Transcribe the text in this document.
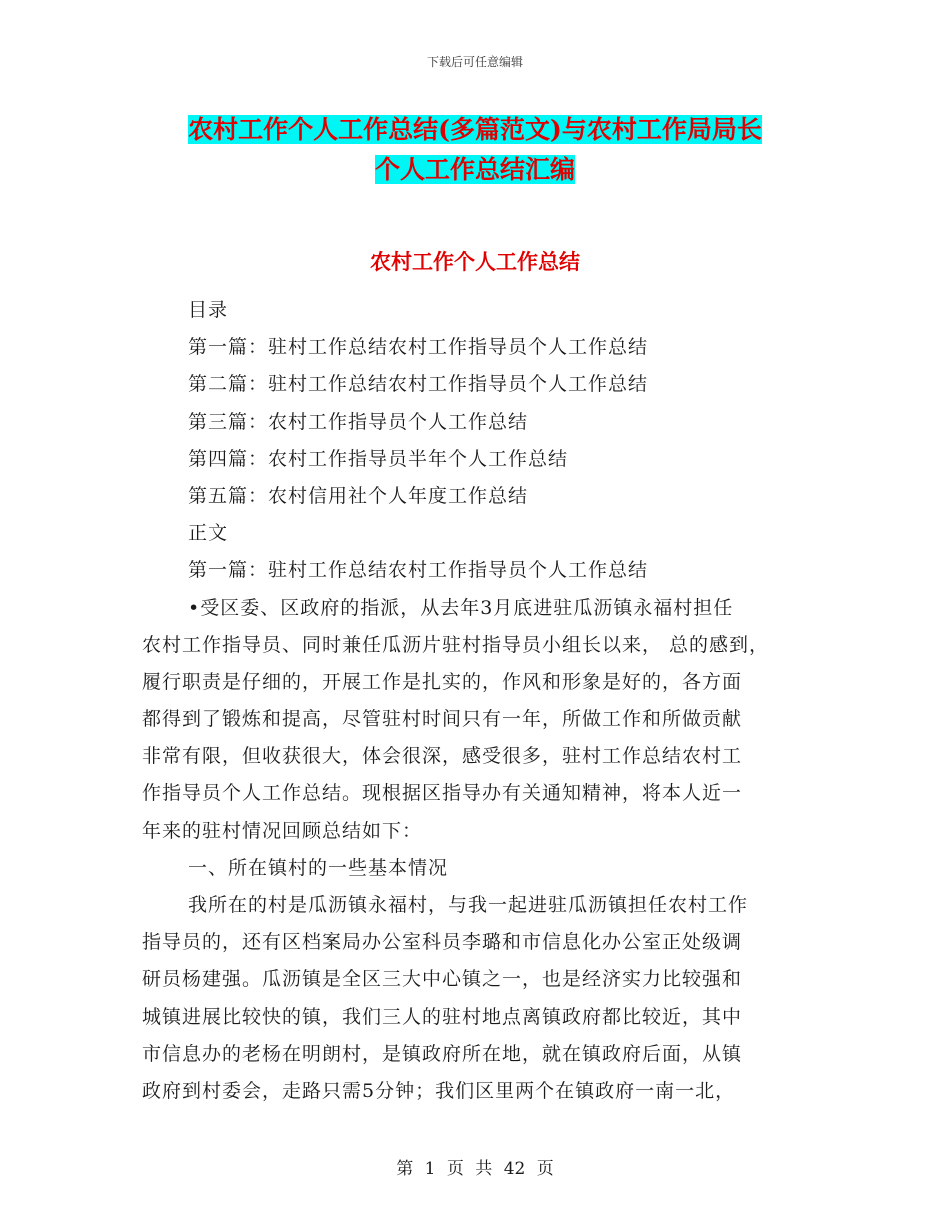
下载后可任意编辑
农村工作个人工作总结(多篇范文)与农村工作局局长
个人工作总结汇编
农村工作个人工作总结
目录
第一篇：驻村工作总结农村工作指导员个人工作总结
第二篇：驻村工作总结农村工作指导员个人工作总结
第三篇：农村工作指导员个人工作总结
第四篇：农村工作指导员半年个人工作总结
第五篇：农村信用社个人年度工作总结
正文
第一篇：驻村工作总结农村工作指导员个人工作总结
•受区委、区政府的指派，从去年3月底进驻瓜沥镇永福村担任
农村工作指导员、同时兼任瓜沥片驻村指导员小组长以来， 总的感到，
履行职责是仔细的，开展工作是扎实的，作风和形象是好的，各方面
都得到了锻炼和提高，尽管驻村时间只有一年，所做工作和所做贡献
非常有限，但收获很大，体会很深，感受很多，驻村工作总结农村工
作指导员个人工作总结。现根据区指导办有关通知精神，将本人近一
年来的驻村情况回顾总结如下：
一、所在镇村的一些基本情况
我所在的村是瓜沥镇永福村，与我一起进驻瓜沥镇担任农村工作
指导员的，还有区档案局办公室科员李璐和市信息化办公室正处级调
研员杨建强。瓜沥镇是全区三大中心镇之一，也是经济实力比较强和
城镇进展比较快的镇，我们三人的驻村地点离镇政府都比较近，其中
市信息办的老杨在明朗村，是镇政府所在地，就在镇政府后面，从镇
政府到村委会，走路只需5分钟；我们区里两个在镇政府一南一北，
第 1 页 共 42 页
